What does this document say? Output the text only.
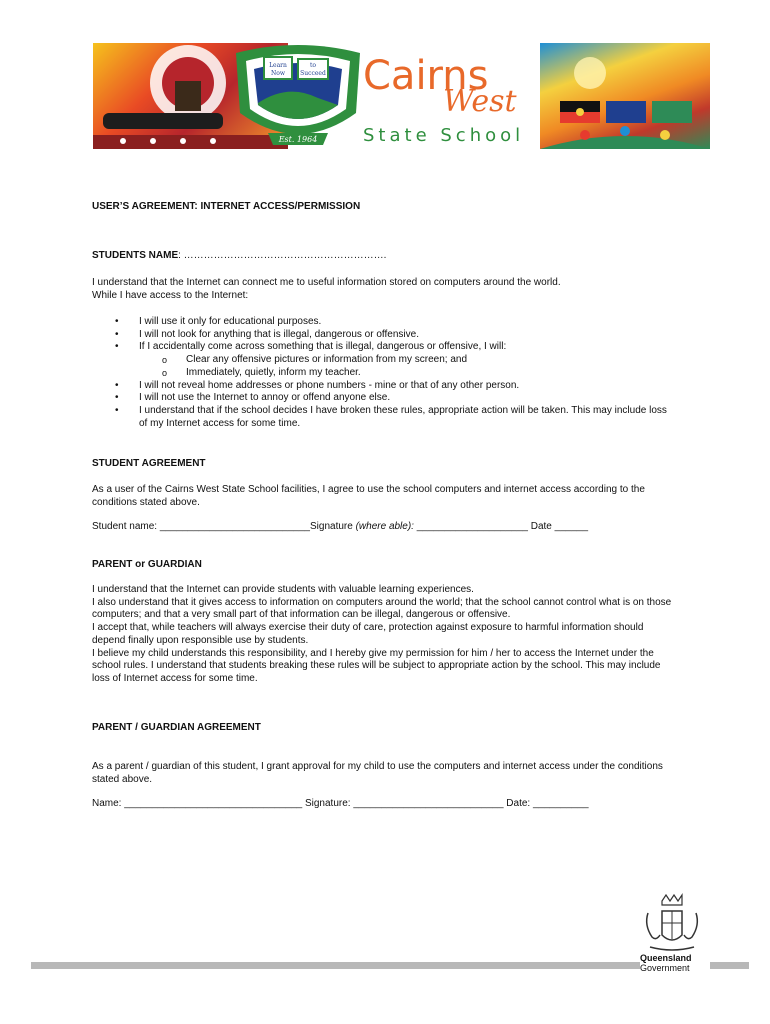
Learn
Now
to
Succeed
Est. 1964
Cairns
West
State School
USER’S AGREEMENT: INTERNET ACCESS/PERMISSION
STUDENTS NAME: …………………………………………………….
I understand that the Internet can connect me to useful information stored on computers around the world.
While I have access to the Internet:
• I will use it only for educational purposes.
• I will not look for anything that is illegal, dangerous or offensive.
• If I accidentally come across something that is illegal, dangerous or offensive, I will:
o Clear any offensive pictures or information from my screen; and
o Immediately, quietly, inform my teacher.
• I will not reveal home addresses or phone numbers - mine or that of any other person.
• I will not use the Internet to annoy or offend anyone else.
• I understand that if the school decides I have broken these rules, appropriate action will be taken. This may include loss of my Internet access for some time.
STUDENT AGREEMENT
As a user of the Cairns West State School facilities, I agree to use the school computers and internet access according to the conditions stated above.
Student name: ___________________________Signature (where able): ____________________ Date ______
PARENT or GUARDIAN
I understand that the Internet can provide students with valuable learning experiences.
I also understand that it gives access to information on computers around the world; that the school cannot control what is on those computers; and that a very small part of that information can be illegal, dangerous or offensive.
I accept that, while teachers will always exercise their duty of care, protection against exposure to harmful information should depend finally upon responsible use by students.
I believe my child understands this responsibility, and I hereby give my permission for him / her to access the Internet under the school rules. I understand that students breaking these rules will be subject to appropriate action by the school. This may include loss of Internet access for some time.
PARENT / GUARDIAN AGREEMENT
As a parent / guardian of this student, I grant approval for my child to use the computers and internet access under the conditions stated above.
Name: ________________________________ Signature: ___________________________ Date: __________
Queensland
Government
